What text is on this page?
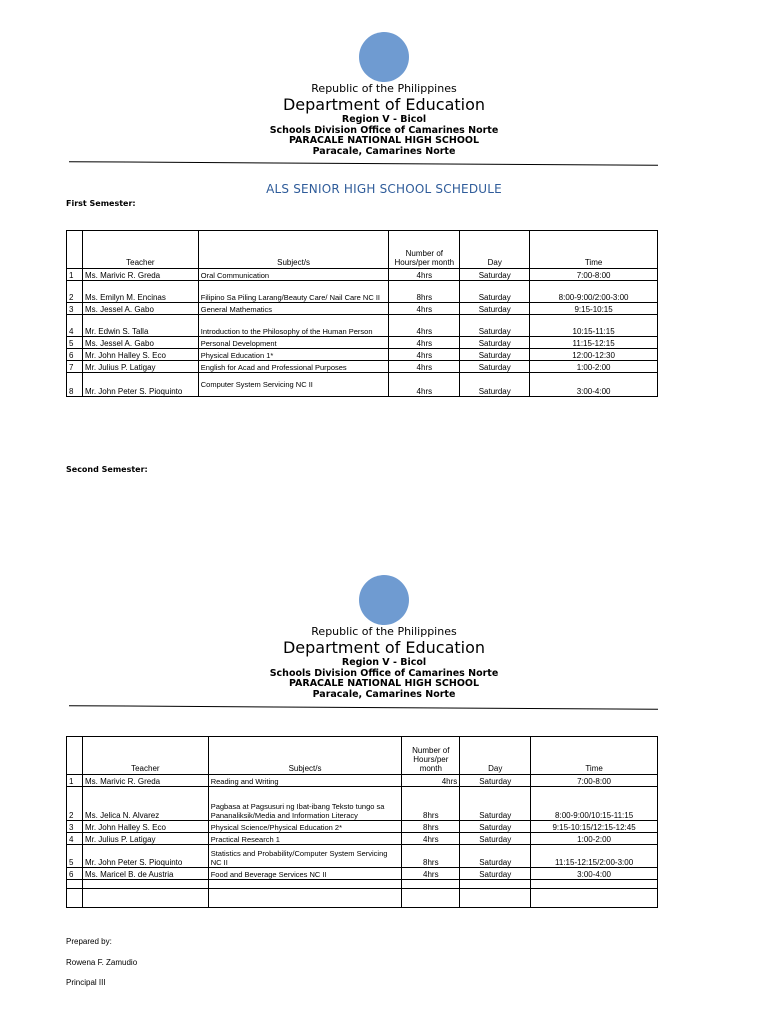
Republic of the Philippines
Department of Education
Region V - Bicol
Schools Division Office of Camarines Norte
PARACALE NATIONAL HIGH SCHOOL
Paracale, Camarines Norte
ALS SENIOR HIGH SCHOOL SCHEDULE
First Semester:
	Teacher	Subject/s	Number of Hours/per month	Day	Time
1	Ms. Marivic R. Greda	Oral Communication	4hrs	Saturday	7:00-8:00
2	Ms. Emilyn M. Encinas	Filipino Sa Piling Larang/Beauty Care/ Nail Care NC II	8hrs	Saturday	8:00-9:00/2:00-3:00
3	Ms. Jessel A. Gabo	General Mathematics	4hrs	Saturday	9:15-10:15
4	Mr. Edwin S. Talla	Introduction to the Philosophy of the Human Person	4hrs	Saturday	10:15-11:15
5	Ms. Jessel A. Gabo	Personal Development	4hrs	Saturday	11:15-12:15
6	Mr. John Halley S. Eco	Physical Education 1*	4hrs	Saturday	12:00-12:30
7	Mr. Julius P. Latigay	English for Acad and Professional Purposes	4hrs	Saturday	1:00-2:00
8	Mr. John Peter S. Pioquinto	Computer System Servicing NC II	4hrs	Saturday	3:00-4:00
Second Semester:
Republic of the Philippines
Department of Education
Region V - Bicol
Schools Division Office of Camarines Norte
PARACALE NATIONAL HIGH SCHOOL
Paracale, Camarines Norte
	Teacher	Subject/s	Number of Hours/per month	Day	Time
1	Ms. Marivic R. Greda	Reading and Writing	4hrs	Saturday	7:00-8:00
2	Ms. Jelica N. Alvarez	Pagbasa at Pagsusuri ng Ibat-ibang Teksto tungo sa Pananaliksik/Media and Information Literacy	8hrs	Saturday	8:00-9:00/10:15-11:15
3	Mr. John Halley S. Eco	Physical Science/Physical Education 2*	8hrs	Saturday	9:15-10:15/12:15-12:45
4	Mr. Julius P. Latigay	Practical Research 1	4hrs	Saturday	1:00-2:00
5	Mr. John Peter S. Pioquinto	Statistics and Probability/Computer System Servicing NC II	8hrs	Saturday	11:15-12:15/2:00-3:00
6	Ms. Maricel B. de Austria	Food and Beverage Services NC II	4hrs	Saturday	3:00-4:00

Prepared by:
Rowena F. Zamudio
Principal III
